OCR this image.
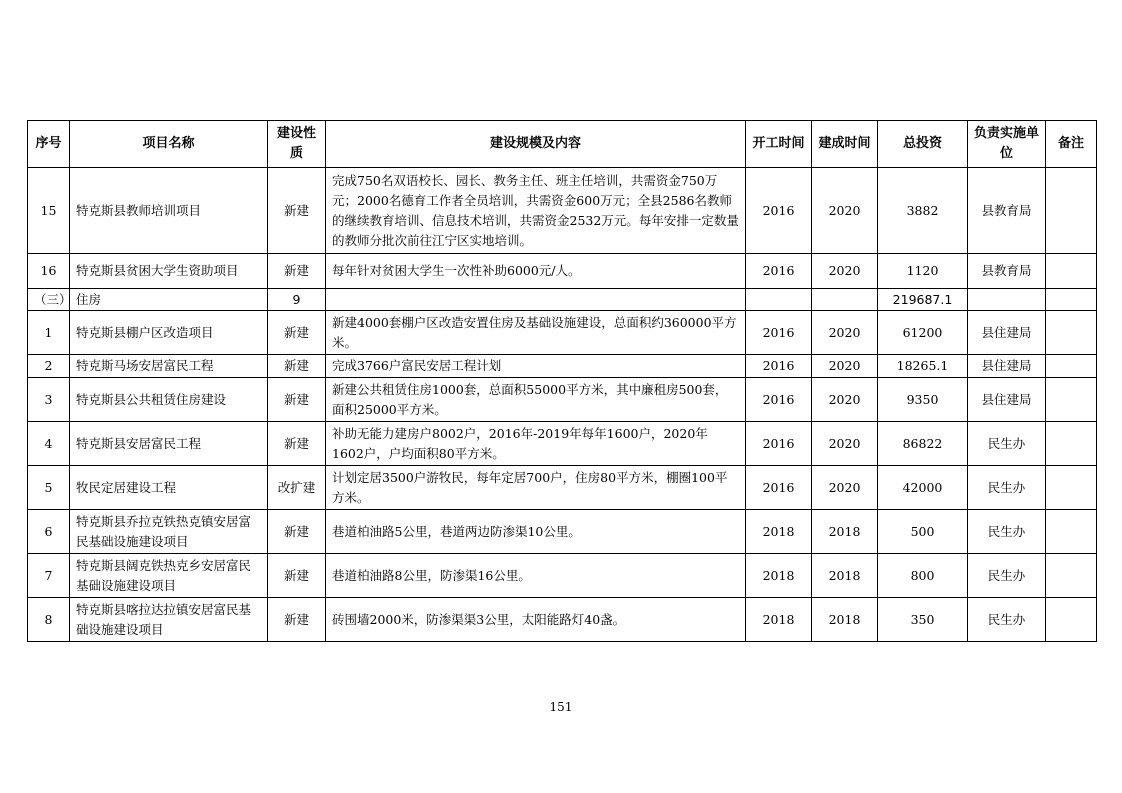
序号	项目名称	建设性质	建设规模及内容	开工时间	建成时间	总投资	负责实施单位	备注
15	特克斯县教师培训项目	新建	完成750名双语校长、园长、教务主任、班主任培训，共需资金750万元；2000名德育工作者全员培训，共需资金600万元；全县2586名教师的继续教育培训、信息技术培训，共需资金2532万元。每年安排一定数量的教师分批次前往江宁区实地培训。	2016	2020	3882	县教育局	
16	特克斯县贫困大学生资助项目	新建	每年针对贫困大学生一次性补助6000元/人。	2016	2020	1120	县教育局	
（三）	住房	9				219687.1		
1	特克斯县棚户区改造项目	新建	新建4000套棚户区改造安置住房及基础设施建设，总面积约360000平方米。	2016	2020	61200	县住建局	
2	特克斯马场安居富民工程	新建	完成3766户富民安居工程计划	2016	2020	18265.1	县住建局	
3	特克斯县公共租赁住房建设	新建	新建公共租赁住房1000套，总面积55000平方米，其中廉租房500套，面积25000平方米。	2016	2020	9350	县住建局	
4	特克斯县安居富民工程	新建	补助无能力建房户8002户，2016年-2019年每年1600户，2020年1602户，户均面积80平方米。	2016	2020	86822	民生办	
5	牧民定居建设工程	改扩建	计划定居3500户游牧民，每年定居700户，住房80平方米，棚圈100平方米。	2016	2020	42000	民生办	
6	特克斯县乔拉克铁热克镇安居富民基础设施建设项目	新建	巷道柏油路5公里，巷道两边防渗渠10公里。	2018	2018	500	民生办	
7	特克斯县阔克铁热克乡安居富民基础设施建设项目	新建	巷道柏油路8公里，防渗渠16公里。	2018	2018	800	民生办	
8	特克斯县喀拉达拉镇安居富民基础设施建设项目	新建	砖围墙2000米，防渗渠渠3公里，太阳能路灯40盏。	2018	2018	350	民生办	
151
